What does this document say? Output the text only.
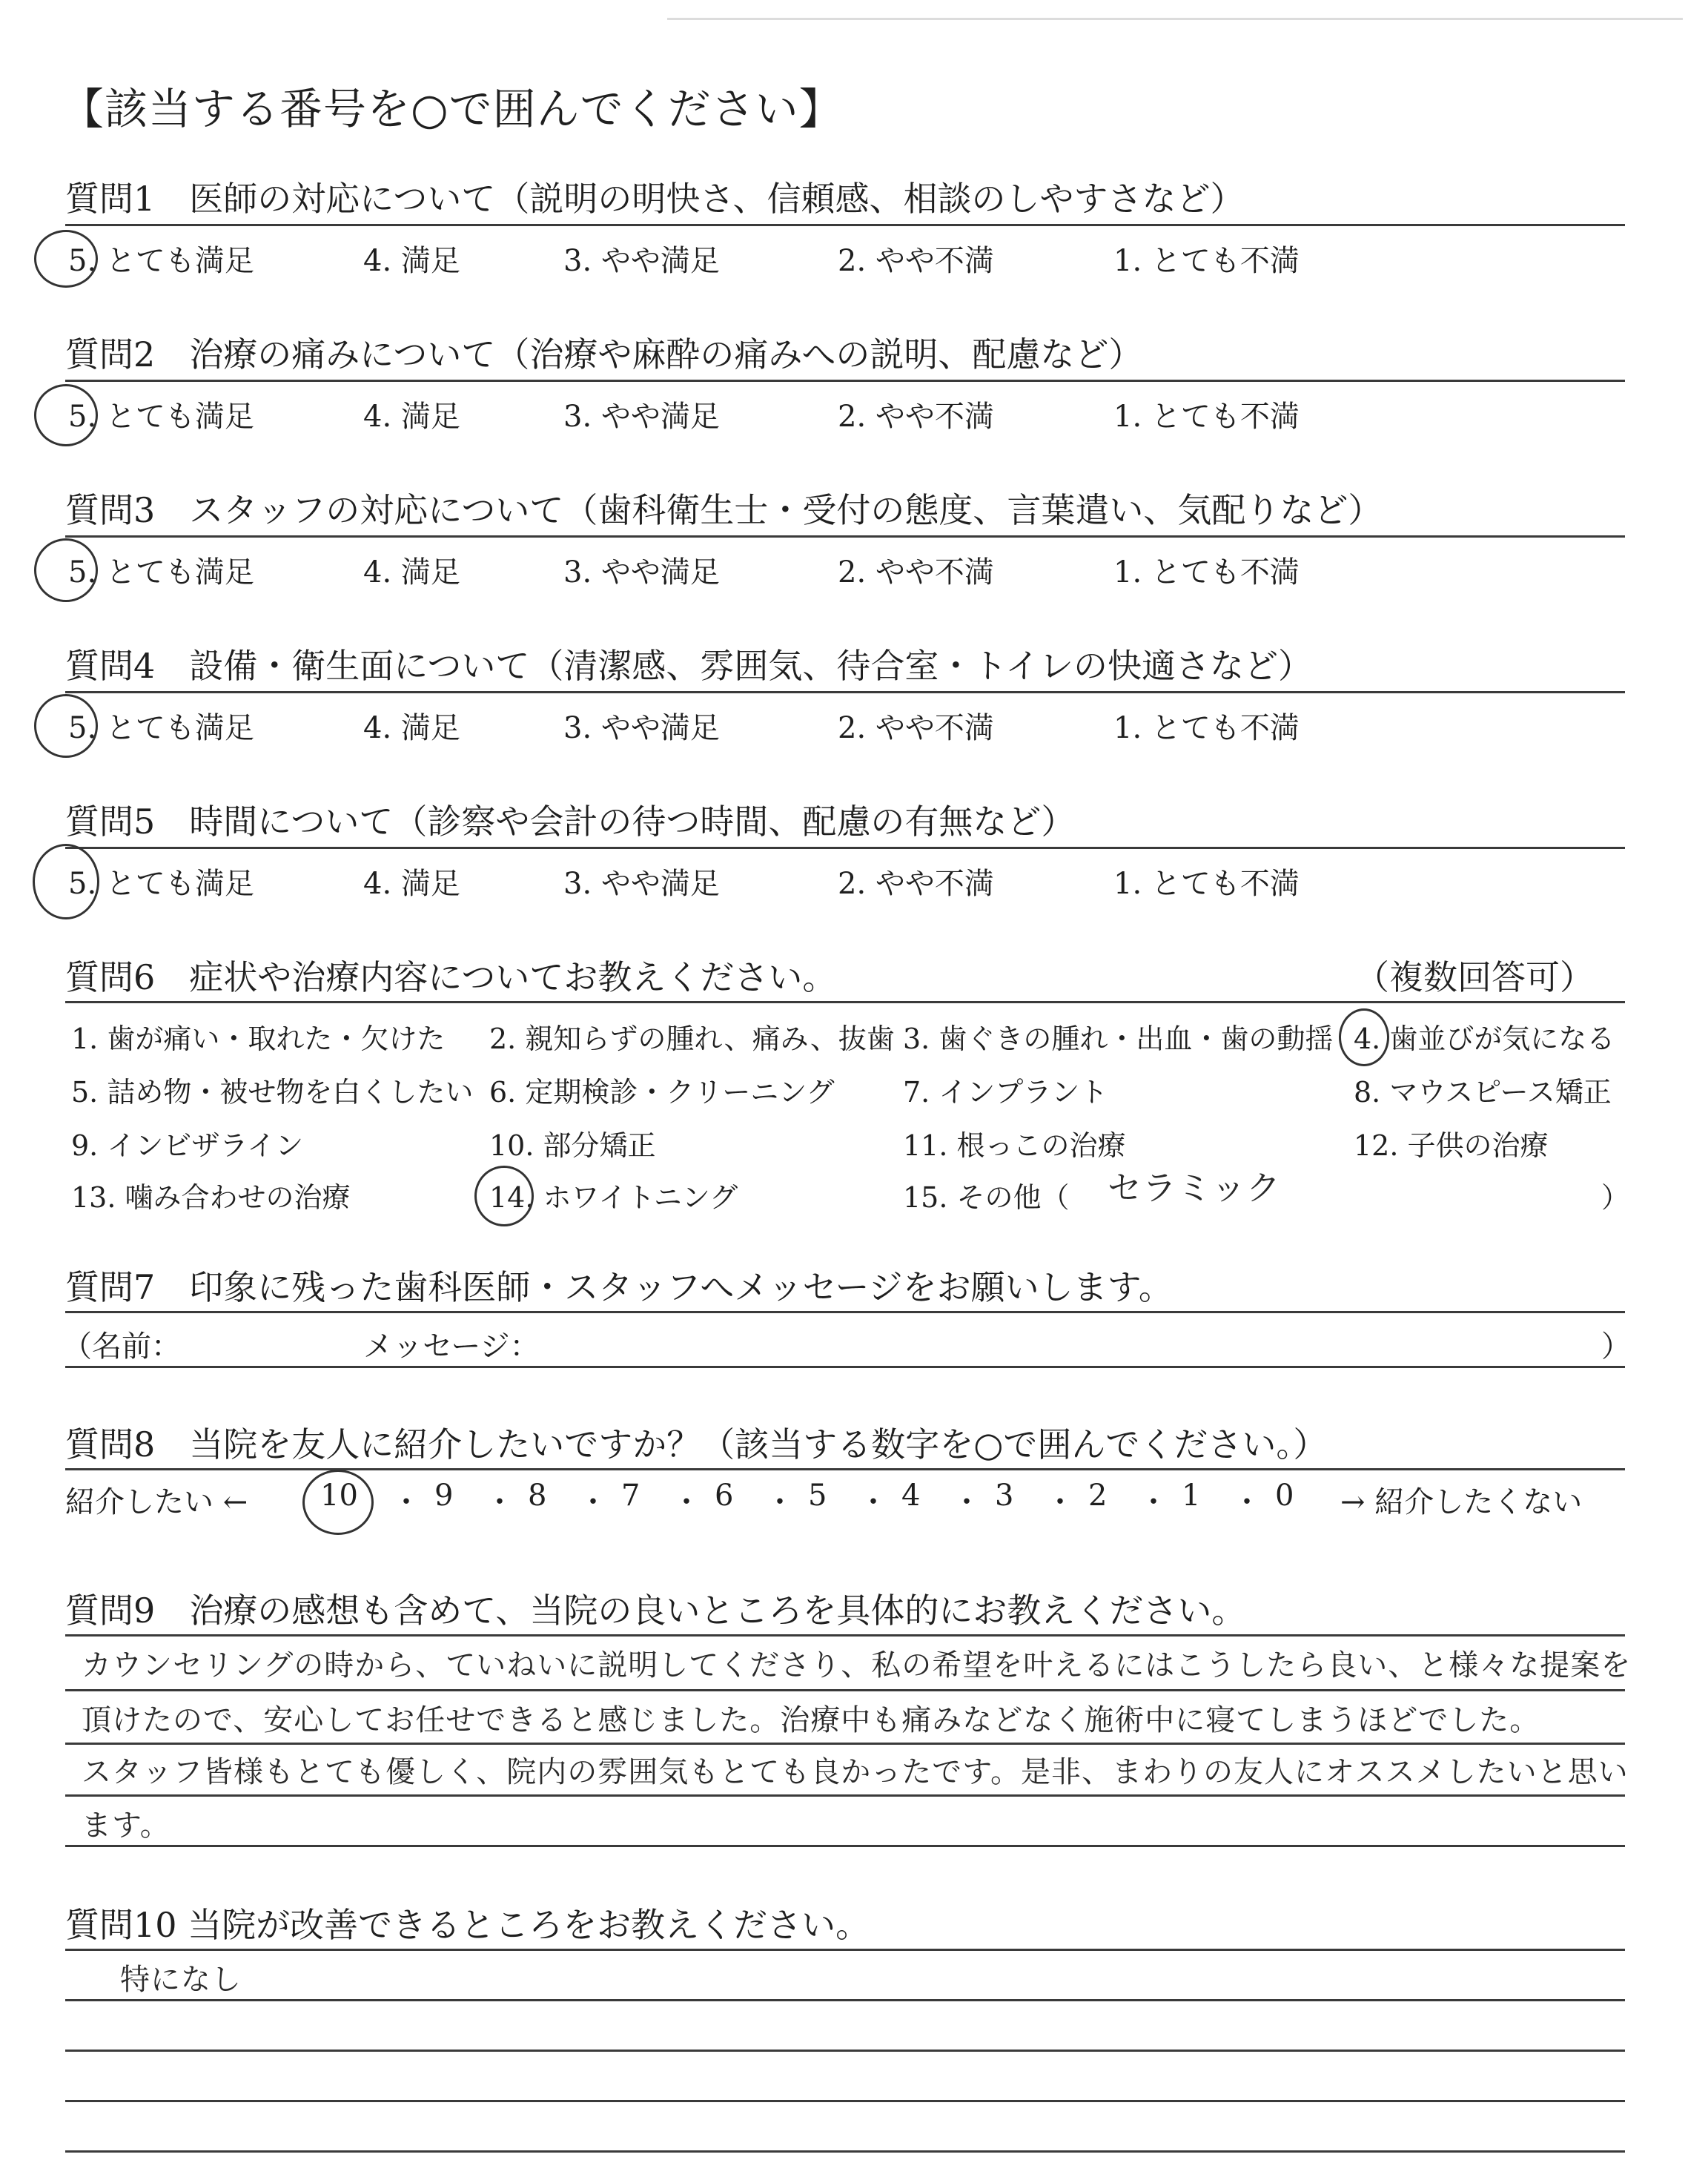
【該当する番号を○で囲んでください】
質問1　医師の対応について（説明の明快さ、信頼感、相談のしやすさなど）
5. とても満足	4. 満足	3. やや満足	2. やや不満	1. とても不満
質問2　治療の痛みについて（治療や麻酔の痛みへの説明、配慮など）
5. とても満足	4. 満足	3. やや満足	2. やや不満	1. とても不満
質問3　スタッフの対応について（歯科衛生士・受付の態度、言葉遣い、気配りなど）
5. とても満足	4. 満足	3. やや満足	2. やや不満	1. とても不満
質問4　設備・衛生面について（清潔感、雰囲気、待合室・トイレの快適さなど）
5. とても満足	4. 満足	3. やや満足	2. やや不満	1. とても不満
質問5　時間について（診察や会計の待つ時間、配慮の有無など）
5. とても満足	4. 満足	3. やや満足	2. やや不満	1. とても不満
質問6　症状や治療内容についてお教えください。	（複数回答可）
1. 歯が痛い・取れた・欠けた 2. 親知らずの腫れ、痛み、抜歯 3. 歯ぐきの腫れ・出血・歯の動揺 4. 歯並びが気になる
5. 詰め物・被せ物を白くしたい 6. 定期検診・クリーニング 7. インプラント	8. マウスピース矯正
9. インビザライン	10. 部分矯正	11. 根っこの治療	12. 子供の治療
13. 噛み合わせの治療	14. ホワイトニング	15. その他（ セラミック	）
質問7　印象に残った歯科医師・スタッフへメッセージをお願いします。
（名前：	メッセージ：	）
質問8　当院を友人に紹介したいですか？（該当する数字を○で囲んでください。）
紹介したい ← 10 ・ 9 ・ 8 ・ 7 ・ 6 ・ 5 ・ 4 ・ 3 ・ 2 ・ 1 ・ 0 → 紹介したくない
質問9　治療の感想も含めて、当院の良いところを具体的にお教えください。
カウンセリングの時から、ていねいに説明してくださり、私の希望を叶えるにはこうしたら良い、と様々な提案を
頂けたので、安心してお任せできると感じました。治療中も痛みなどなく施術中に寝てしまうほどでした。
スタッフ皆様もとても優しく、院内の雰囲気もとても良かったです。是非、まわりの友人にオススメしたいと思い
ます。
質問10 当院が改善できるところをお教えください。
特になし
